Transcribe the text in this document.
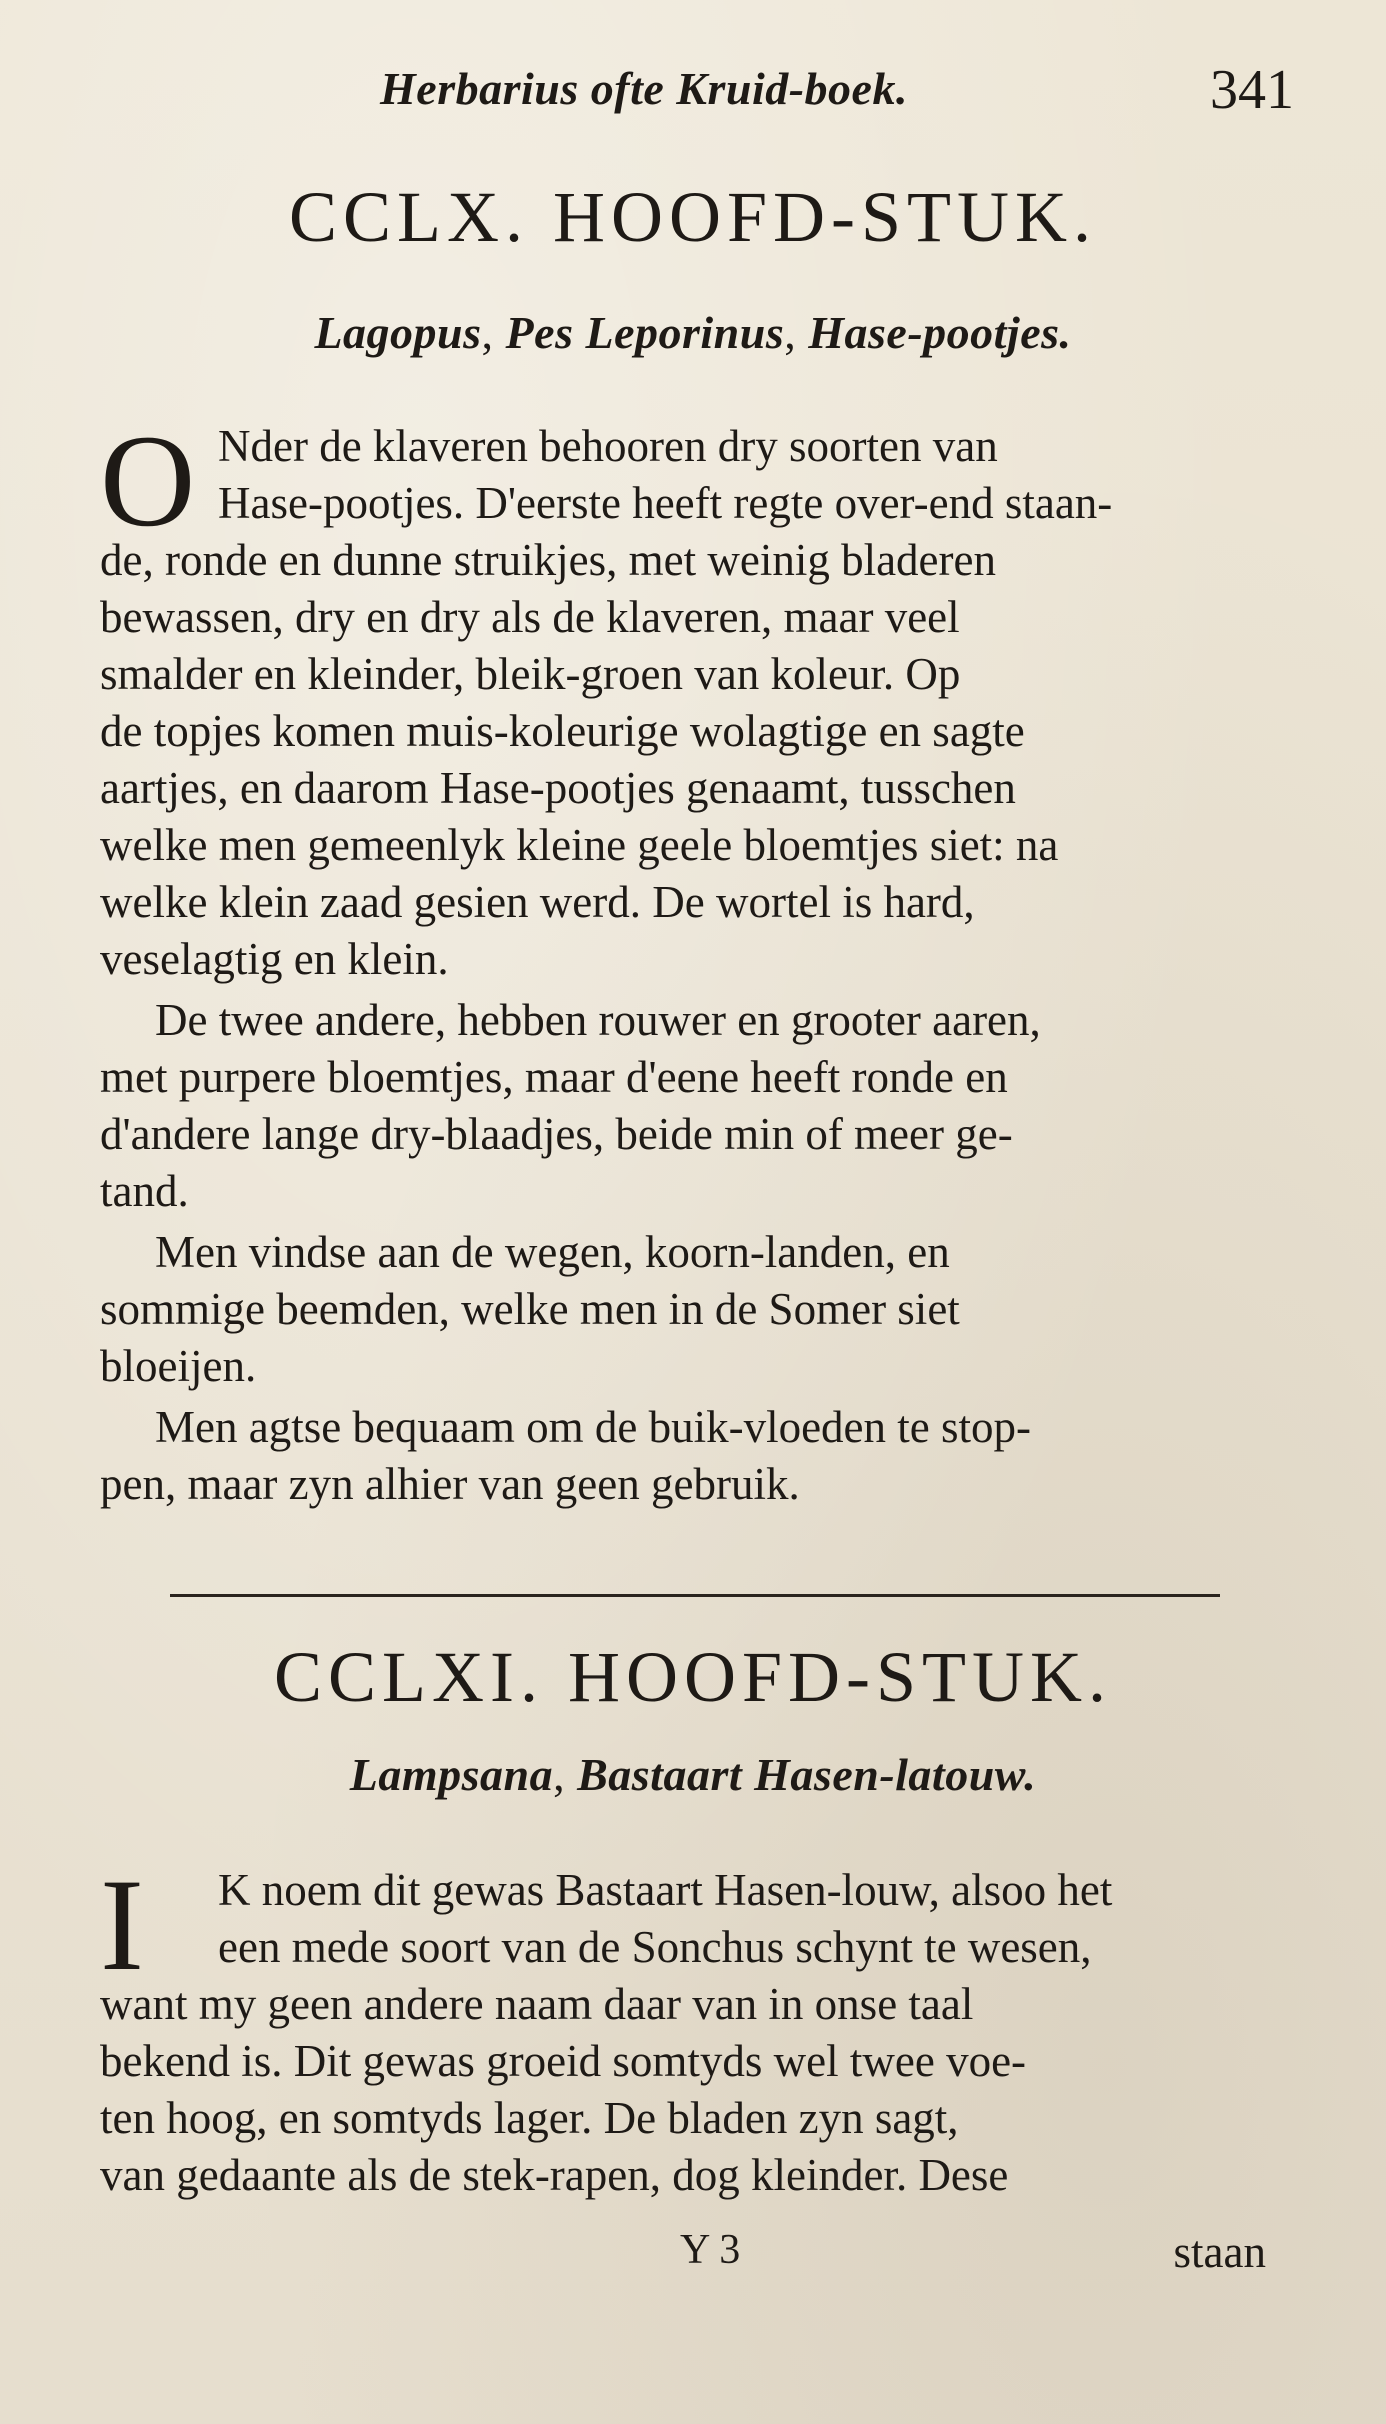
Herbarius ofte Kruid-boek.	341
CCLX. HOOFD-STUK.
Lagopus, Pes Leporinus, Hase-pootjes.
O Nder de klaveren behooren dry soorten van
Hase-pootjes. D'eerste heeft regte over-end staan-
de, ronde en dunne struikjes, met weinig bladeren
bewassen, dry en dry als de klaveren, maar veel
smalder en kleinder, bleik-groen van koleur. Op
de topjes komen muis-koleurige wolagtige en sagte
aartjes, en daarom Hase-pootjes genaamt, tusschen
welke men gemeenlyk kleine geele bloemtjes siet: na
welke klein zaad gesien werd. De wortel is hard,
veselagtig en klein.
De twee andere, hebben rouwer en grooter aaren,
met purpere bloemtjes, maar d'eene heeft ronde en
d'andere lange dry-blaadjes, beide min of meer ge-
tand.
Men vindse aan de wegen, koorn-landen, en
sommige beemden, welke men in de Somer siet
bloeijen.
Men agtse bequaam om de buik-vloeden te stop-
pen, maar zyn alhier van geen gebruik.
CCLXI. HOOFD-STUK.
Lampsana, Bastaart Hasen-latouw.
I	K noem dit gewas Bastaart Hasen-louw, alsoo het
een mede soort van de Sonchus schynt te wesen,
want my geen andere naam daar van in onse taal
bekend is. Dit gewas groeid somtyds wel twee voe-
ten hoog, en somtyds lager. De bladen zyn sagt,
van gedaante als de stek-rapen, dog kleinder. Dese
Y 3	staan
